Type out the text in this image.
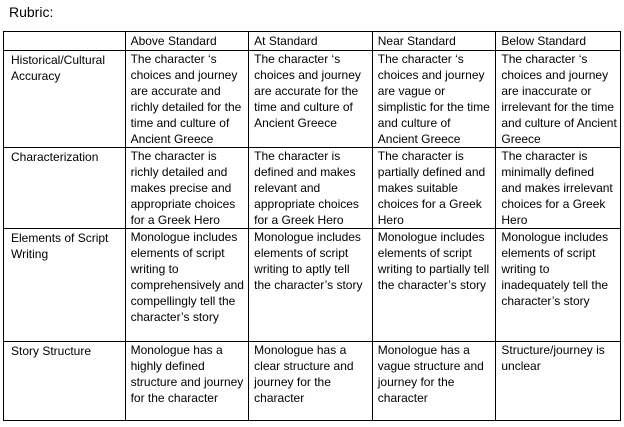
Rubric:
	Above Standard	At Standard	Near Standard	Below Standard
Historical/Cultural Accuracy	The character ‘s choices and journey are accurate and richly detailed for the time and culture of Ancient Greece	The character ‘s choices and journey are accurate for the time and culture of Ancient Greece	The character ‘s choices and journey are vague or simplistic for the time and culture of Ancient Greece	The character ‘s choices and journey are inaccurate or irrelevant for the time and culture of Ancient Greece
Characterization	The character is richly detailed and makes precise and appropriate choices for a Greek Hero	The character is defined and makes relevant and appropriate choices for a Greek Hero	The character is partially defined and makes suitable choices for a Greek Hero	The character is minimally defined and makes irrelevant choices for a Greek Hero
Elements of Script Writing	Monologue includes elements of script writing to comprehensively and compellingly tell the character’s story	Monologue includes elements of script writing to aptly tell the character’s story	Monologue includes elements of script writing to partially tell the character’s story	Monologue includes elements of script writing to inadequately tell the character’s story
Story Structure	Monologue has a highly defined structure and journey for the character	Monologue has a clear structure and journey for the character	Monologue has a vague structure and journey for the character	Structure/journey is unclear
